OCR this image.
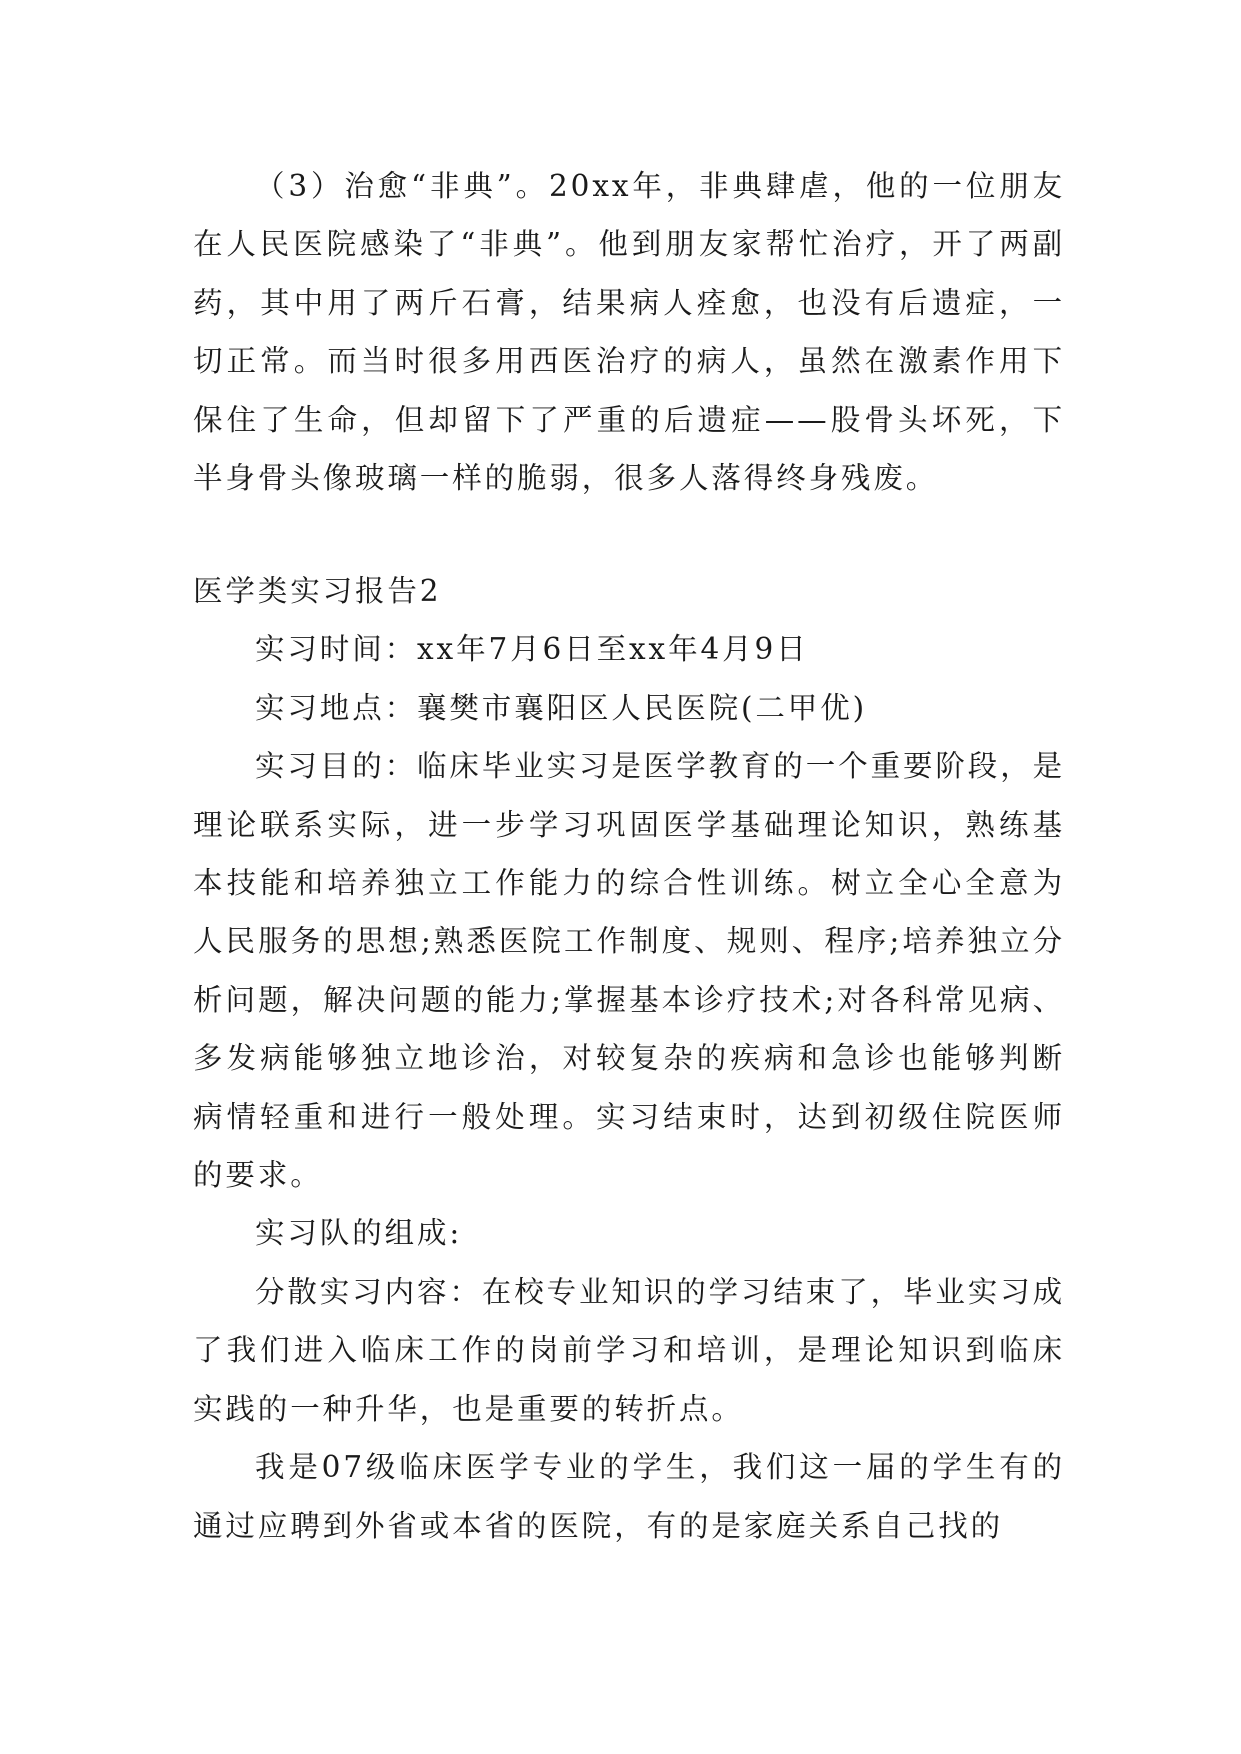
（3）治愈“非典”。20xx年，非典肆虐，他的一位朋友在人民医院感染了“非典”。他到朋友家帮忙治疗，开了两副药，其中用了两斤石膏，结果病人痊愈，也没有后遗症，一切正常。而当时很多用西医治疗的病人，虽然在激素作用下保住了生命，但却留下了严重的后遗症——股骨头坏死，下半身骨头像玻璃一样的脆弱，很多人落得终身残废。

医学类实习报告2

实习时间：xx年7月6日至xx年4月9日

实习地点：襄樊市襄阳区人民医院(二甲优)

实习目的：临床毕业实习是医学教育的一个重要阶段，是理论联系实际，进一步学习巩固医学基础理论知识，熟练基本技能和培养独立工作能力的综合性训练。树立全心全意为人民服务的思想;熟悉医院工作制度、规则、程序;培养独立分析问题，解决问题的能力;掌握基本诊疗技术;对各科常见病、多发病能够独立地诊治，对较复杂的疾病和急诊也能够判断病情轻重和进行一般处理。实习结束时，达到初级住院医师的要求。

实习队的组成:

分散实习内容：在校专业知识的学习结束了，毕业实习成了我们进入临床工作的岗前学习和培训，是理论知识到临床实践的一种升华，也是重要的转折点。

我是07级临床医学专业的学生，我们这一届的学生有的通过应聘到外省或本省的医院，有的是家庭关系自己找的
